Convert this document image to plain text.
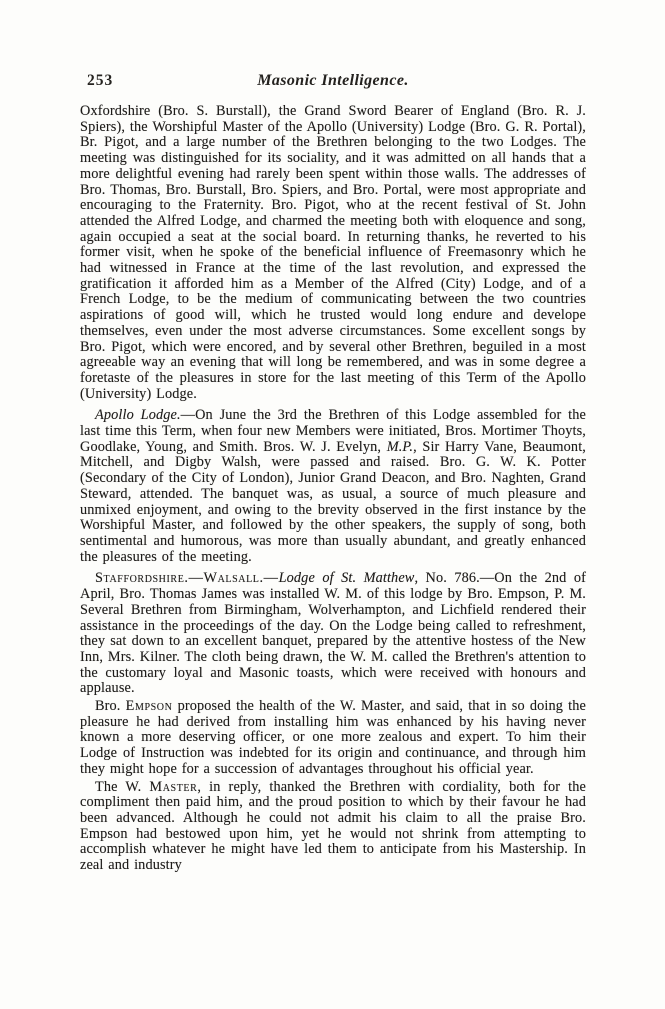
253	Masonic Intelligence.

Oxfordshire (Bro. S. Burstall), the Grand Sword Bearer of England (Bro. R. J. Spiers), the Worshipful Master of the Apollo (University) Lodge (Bro. G. R. Portal), Br. Pigot, and a large number of the Brethren belonging to the two Lodges. The meeting was distinguished for its sociality, and it was admitted on all hands that a more delightful evening had rarely been spent within those walls. The addresses of Bro. Thomas, Bro. Burstall, Bro. Spiers, and Bro. Portal, were most appropriate and encouraging to the Fraternity. Bro. Pigot, who at the recent festival of St. John attended the Alfred Lodge, and charmed the meeting both with eloquence and song, again occupied a seat at the social board. In returning thanks, he reverted to his former visit, when he spoke of the beneficial influence of Freemasonry which he had witnessed in France at the time of the last revolution, and expressed the gratification it afforded him as a Member of the Alfred (City) Lodge, and of a French Lodge, to be the medium of communicating between the two countries aspirations of good will, which he trusted would long endure and develope themselves, even under the most adverse circumstances. Some excellent songs by Bro. Pigot, which were encored, and by several other Brethren, beguiled in a most agreeable way an evening that will long be remembered, and was in some degree a foretaste of the pleasures in store for the last meeting of this Term of the Apollo (University) Lodge.

Apollo Lodge.—On June the 3rd the Brethren of this Lodge assembled for the last time this Term, when four new Members were initiated, Bros. Mortimer Thoyts, Goodlake, Young, and Smith. Bros. W. J. Evelyn, M.P., Sir Harry Vane, Beaumont, Mitchell, and Digby Walsh, were passed and raised. Bro. G. W. K. Potter (Secondary of the City of London), Junior Grand Deacon, and Bro. Naghten, Grand Steward, attended. The banquet was, as usual, a source of much pleasure and unmixed enjoyment, and owing to the brevity observed in the first instance by the Worshipful Master, and followed by the other speakers, the supply of song, both sentimental and humorous, was more than usually abundant, and greatly enhanced the pleasures of the meeting.

Staffordshire.—Walsall.—Lodge of St. Matthew, No. 786.—On the 2nd of April, Bro. Thomas James was installed W. M. of this lodge by Bro. Empson, P. M. Several Brethren from Birmingham, Wolverhampton, and Lichfield rendered their assistance in the proceedings of the day. On the Lodge being called to refreshment, they sat down to an excellent banquet, prepared by the attentive hostess of the New Inn, Mrs. Kilner. The cloth being drawn, the W. M. called the Brethren's attention to the customary loyal and Masonic toasts, which were received with honours and applause.

Bro. Empson proposed the health of the W. Master, and said, that in so doing the pleasure he had derived from installing him was enhanced by his having never known a more deserving officer, or one more zealous and expert. To him their Lodge of Instruction was indebted for its origin and continuance, and through him they might hope for a succession of advantages throughout his official year.

The W. Master, in reply, thanked the Brethren with cordiality, both for the compliment then paid him, and the proud position to which by their favour he had been advanced. Although he could not admit his claim to all the praise Bro. Empson had bestowed upon him, yet he would not shrink from attempting to accomplish whatever he might have led them to anticipate from his Mastership. In zeal and industry
